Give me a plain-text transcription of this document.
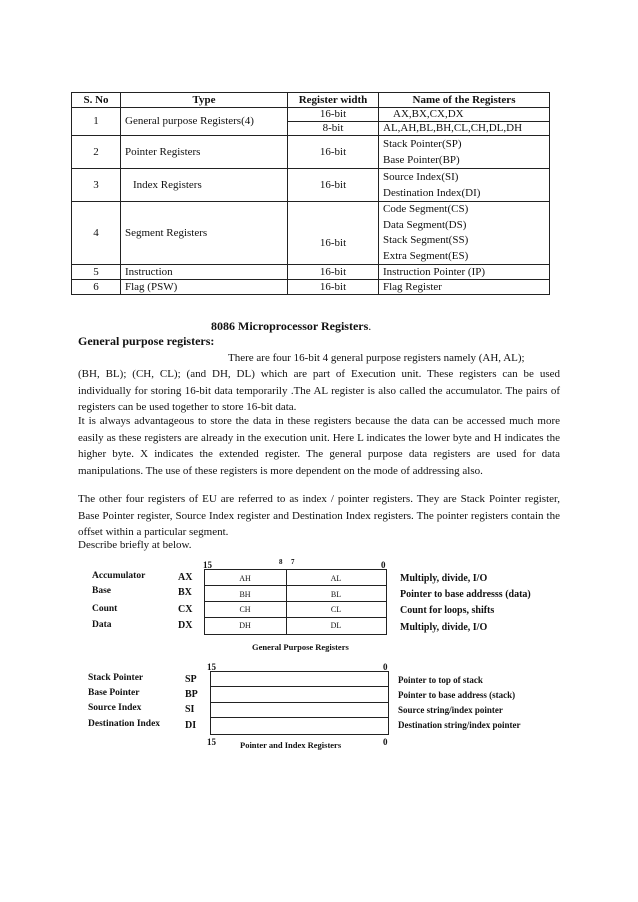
S. No	Type	Register width	Name of the Registers
1	General purpose Registers(4)	16-bit	AX,BX,CX,DX
		8-bit	AL,AH,BL,BH,CL,CH,DL,DH
2	Pointer Registers	16-bit	Stack Pointer(SP)
Base Pointer(BP)

3	Index Registers	16-bit	Source Index(SI)
Destination Index(DI)

4	Segment Registers	16-bit	Code Segment(CS)
Data Segment(DS)
Stack Segment(SS)
Extra Segment(ES)

5	Instruction	16-bit	Instruction Pointer (IP)
6	Flag (PSW)	16-bit	Flag Register
8086 Microprocessor Registers.
General purpose registers:
There are four 16-bit 4 general purpose registers namely (AH, AL);
(BH, BL); (CH, CL); (and DH, DL) which are part of Execution unit. These registers can be used individually for storing 16-bit data temporarily .The AL register is also called the accumulator. The pairs of registers can be used together to store 16-bit data.
It is always advantageous to store the data in these registers because the data can be accessed much more easily as these registers are already in the execution unit. Here L indicates the lower byte and H indicates the higher byte. X indicates the extended register. The general purpose data registers are used for data manipulations. The use of these registers is more dependent on the mode of addressing also.
The other four registers of EU are referred to as index / pointer registers. They are Stack Pointer register, Base Pointer register, Source Index register and Destination Index registers. The pointer registers contain the offset within a particular segment.
Describe briefly at below.
15	8 7	0
Accumulator	AX	AH	AL	Multiply, divide, I/O
Base	BX	BH	BL	Pointer to base addresss (data)
Count	CX	CH	CL	Count for loops, shifts
Data	DX	DH	DL	Multiply, divide, I/O
General Purpose Registers
15	0
Stack Pointer	SP	Pointer to top of stack
Base Pointer	BP	Pointer to base address (stack)
Source Index	SI	Source string/index pointer
Destination Index DI	Destination string/index pointer
15	Pointer and Index Registers	0
